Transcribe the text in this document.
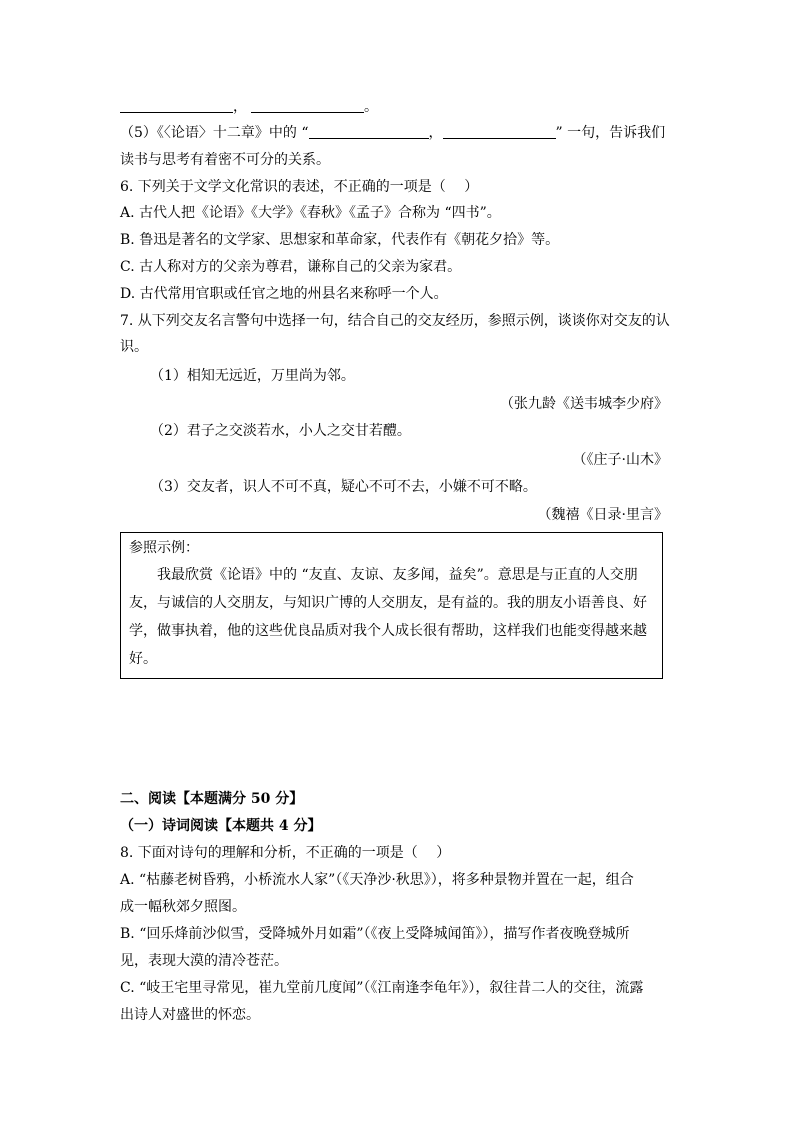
，	。
（5）《〈论语〉十二章》中的 “	，	” 一句，告诉我们
读书与思考有着密不可分的关系。
6. 下列关于文学文化常识的表述，不正确的一项是（　 ）
A. 古代人把《论语》《大学》《春秋》《孟子》合称为 “四书”。
B. 鲁迅是著名的文学家、思想家和革命家，代表作有《朝花夕拾》等。
C. 古人称对方的父亲为尊君，谦称自己的父亲为家君。
D. 古代常用官职或任官之地的州县名来称呼一个人。
7. 从下列交友名言警句中选择一句，结合自己的交友经历，参照示例，谈谈你对交友的认
识。
（1）相知无远近，万里尚为邻。
（张九龄《送韦城李少府》
（2）君子之交淡若水，小人之交甘若醴。
（《庄子·山木》
（3）交友者，识人不可不真，疑心不可不去，小嫌不可不略。
（魏禧《日录·里言》
参照示例：
　　我最欣赏《论语》中的 “友直、友谅、友多闻，益矣”。意思是与正直的人交朋
友，与诚信的人交朋友，与知识广博的人交朋友，是有益的。我的朋友小语善良、好
学，做事执着，他的这些优良品质对我个人成长很有帮助，这样我们也能变得越来越
好。
二、阅读【本题满分 50 分】
（一）诗词阅读【本题共 4 分】
8. 下面对诗句的理解和分析，不正确的一项是（　 ）
A. “枯藤老树昏鸦，小桥流水人家”（《天净沙·秋思》），将多种景物并置在一起，组合
成一幅秋郊夕照图。
B. “回乐烽前沙似雪，受降城外月如霜”（《夜上受降城闻笛》），描写作者夜晚登城所
见，表现大漠的清冷苍茫。
C. “岐王宅里寻常见，崔九堂前几度闻”（《江南逢李龟年》），叙往昔二人的交往，流露
出诗人对盛世的怀恋。
